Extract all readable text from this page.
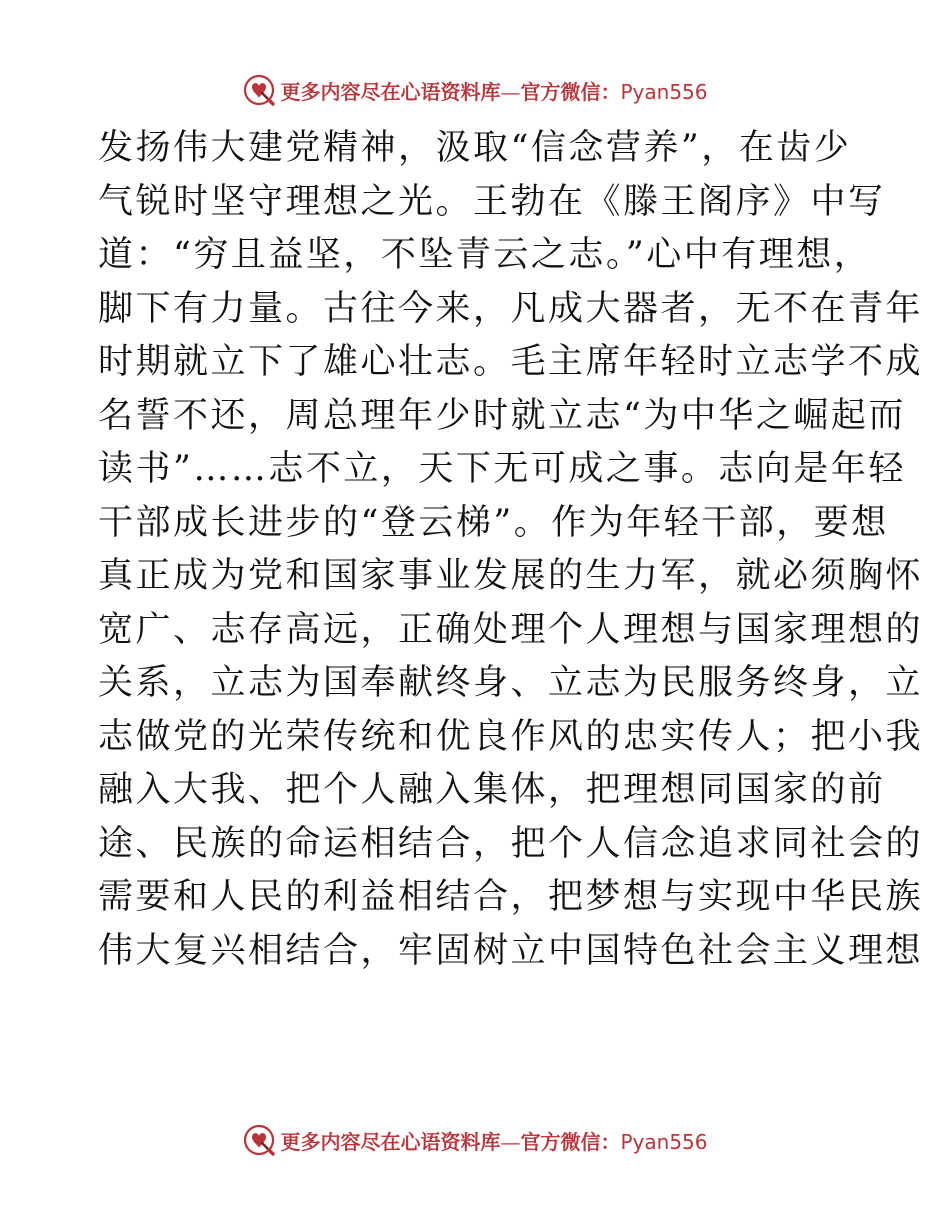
更多内容尽在心语资料库—官方微信：Pyan556
发扬伟大建党精神，汲取“信念营养”，在齿少
气锐时坚守理想之光。王勃在《滕王阁序》中写
道：“穷且益坚，不坠青云之志。”心中有理想，
脚下有力量。古往今来，凡成大器者，无不在青年
时期就立下了雄心壮志。毛主席年轻时立志学不成
名誓不还，周总理年少时就立志“为中华之崛起而
读书”……志不立，天下无可成之事。志向是年轻
干部成长进步的“登云梯”。作为年轻干部，要想
真正成为党和国家事业发展的生力军，就必须胸怀
宽广、志存高远，正确处理个人理想与国家理想的
关系，立志为国奉献终身、立志为民服务终身，立
志做党的光荣传统和优良作风的忠实传人；把小我
融入大我、把个人融入集体，把理想同国家的前
途、民族的命运相结合，把个人信念追求同社会的
需要和人民的利益相结合，把梦想与实现中华民族
伟大复兴相结合，牢固树立中国特色社会主义理想
更多内容尽在心语资料库—官方微信：Pyan556
